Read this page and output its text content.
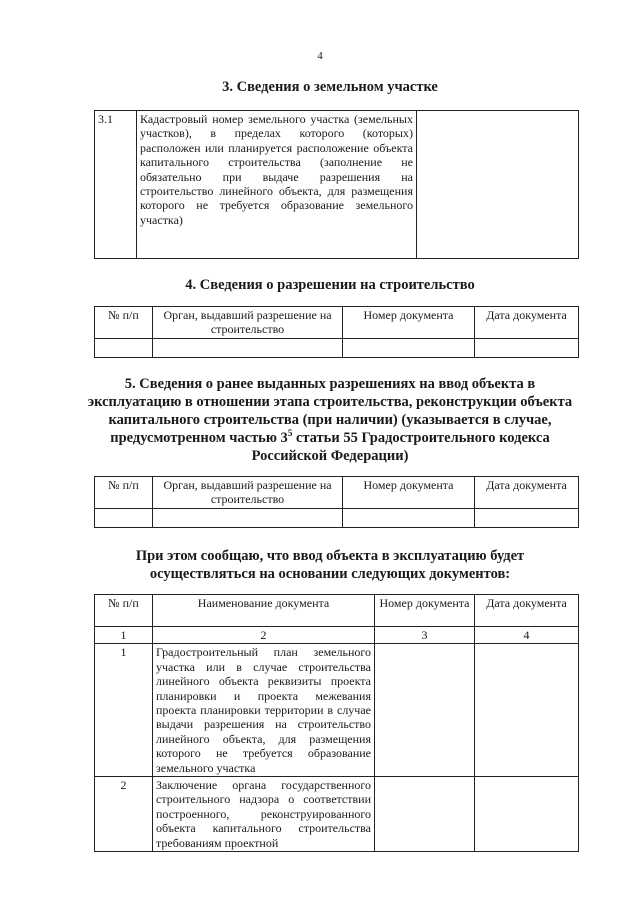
4
3. Сведения о земельном участке
3.1	Кадастровый номер земельного участка (земельных участков), в пределах которого (которых) расположен или планируется расположение объекта капитального строительства (заполнение не обязательно при выдаче разрешения на строительство линейного объекта, для размещения которого не требуется образование земельного участка)	
4. Сведения о разрешении на строительство
№ п/п	Орган, выдавший разрешение на строительство	Номер документа	Дата документа

5. Сведения о ранее выданных разрешениях на ввод объекта в эксплуатацию в отношении этапа строительства, реконструкции объекта капитального строительства (при наличии) (указывается в случае, предусмотренном частью $3^5$ статьи 55 Градостроительного кодекса Российской Федерации)
№ п/п	Орган, выдавший разрешение на строительство	Номер документа	Дата документа

При этом сообщаю, что ввод объекта в эксплуатацию будет осуществляться на основании следующих документов:
№ п/п	Наименование документа	Номер документа	Дата документа
1	2	3	4
1	Градостроительный план земельного участка или в случае строительства линейного объекта реквизиты проекта планировки и проекта межевания проекта планировки территории в случае выдачи разрешения на строительство линейного объекта, для размещения которого не требуется образование земельного участка		
2	Заключение органа государственного строительного надзора о соответствии построенного, реконструированного объекта капитального строительства требованиям проектной		
